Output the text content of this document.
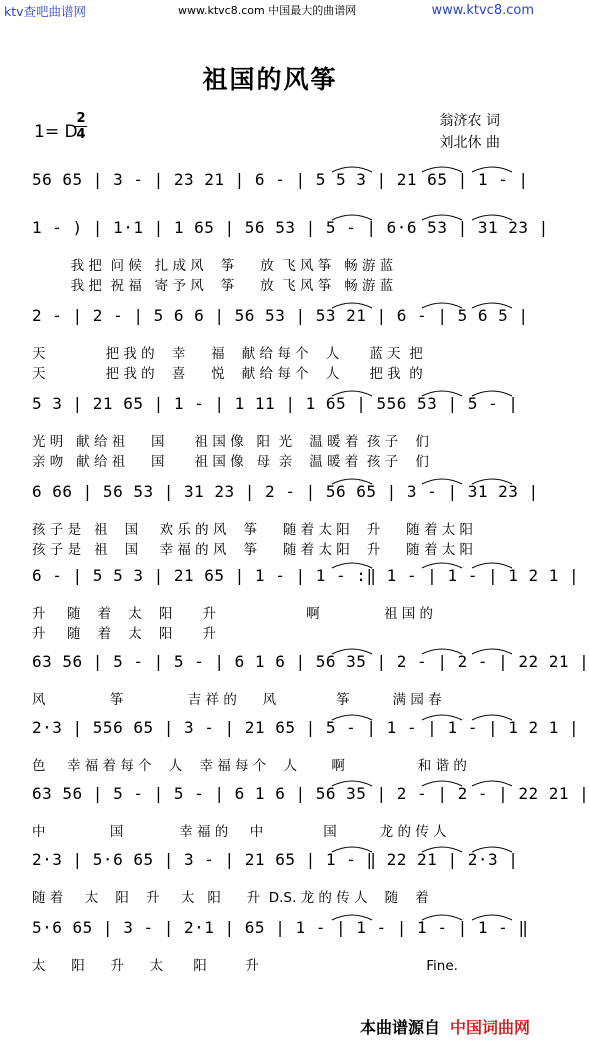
ktv查吧曲谱网	www.ktvc8.com 中国最大的曲谱网	www.ktvc8.com
祖国的风筝
翁济农 词
刘北休 曲
1= D
2
4
56 65 | 3 - | 23 21 | 6 - | 5 5 3 | 21 65 | 1 - |
1 - ) | 1·1 | 1 65 | 56 53 | 5 - | 6·6 53 | 31 23 |
我 把  问 候   扎 成 风    筝      放  飞 风 筝   畅 游 蓝
我 把  祝 福   寄 予 风    筝      放  飞 风 筝   畅 游 蓝
2 - | 2 - | 5 6 6 | 56 53 | 53 21 | 6 - | 5 6 5 |
天              把 我 的    幸      福    献 给 每 个    人       蓝 天  把
天              把 我 的    喜      悦    献 给 每 个    人       把 我  的
5 3 | 21 65 | 1 - | 1 11 | 1 65 | 556 53 | 5 - |
光 明   献 给 祖      国       祖 国 像   阳  光    温 暖 着  孩 子    们
亲 吻   献 给 祖      国       祖 国 像   母  亲    温 暖 着  孩 子    们
6 66 | 56 53 | 31 23 | 2 - | 56 65 | 3 - | 31 23 |
孩 子 是   祖    国     欢 乐 的 风    筝      随 着 太 阳    升      随 着 太 阳
孩 子 是   祖    国     幸 福 的 风    筝      随 着 太 阳    升      随 着 太 阳
6 - | 5 5 3 | 21 65 | 1 - | 1 - :‖ 1 - | 1 - | 1 2 1 |
升     随    着    太    阳       升                     啊               祖 国 的
升     随    着    太    阳       升
63 56 | 5 - | 5 - | 6 1 6 | 56 35 | 2 - | 2 - | 22 21 |
风               筝               吉 祥 的      风              筝          满 园 春
2·3 | 556 65 | 3 - | 21 65 | 5 - | 1 - | 1 - | 1 2 1 |
色     幸 福 着 每 个    人    幸 福 每 个    人        啊                 和 谐 的
63 56 | 5 - | 5 - | 6 1 6 | 56 35 | 2 - | 2 - | 22 21 |
中               国             幸 福 的     中              国          龙 的 传 人
2·3 | 5·6 65 | 3 - | 21 65 | 1 - ‖ 22 21 | 2·3 |
随 着     太    阳    升     太   阳      升  D.S. 龙 的 传 人    随    着
5·6 65 | 3 - | 2·1 | 65 | 1 - | 1 - | 1 - | 1 - ‖
太      阳      升      太       阳         升                                       Fine.
本曲谱源自 中国词曲网
